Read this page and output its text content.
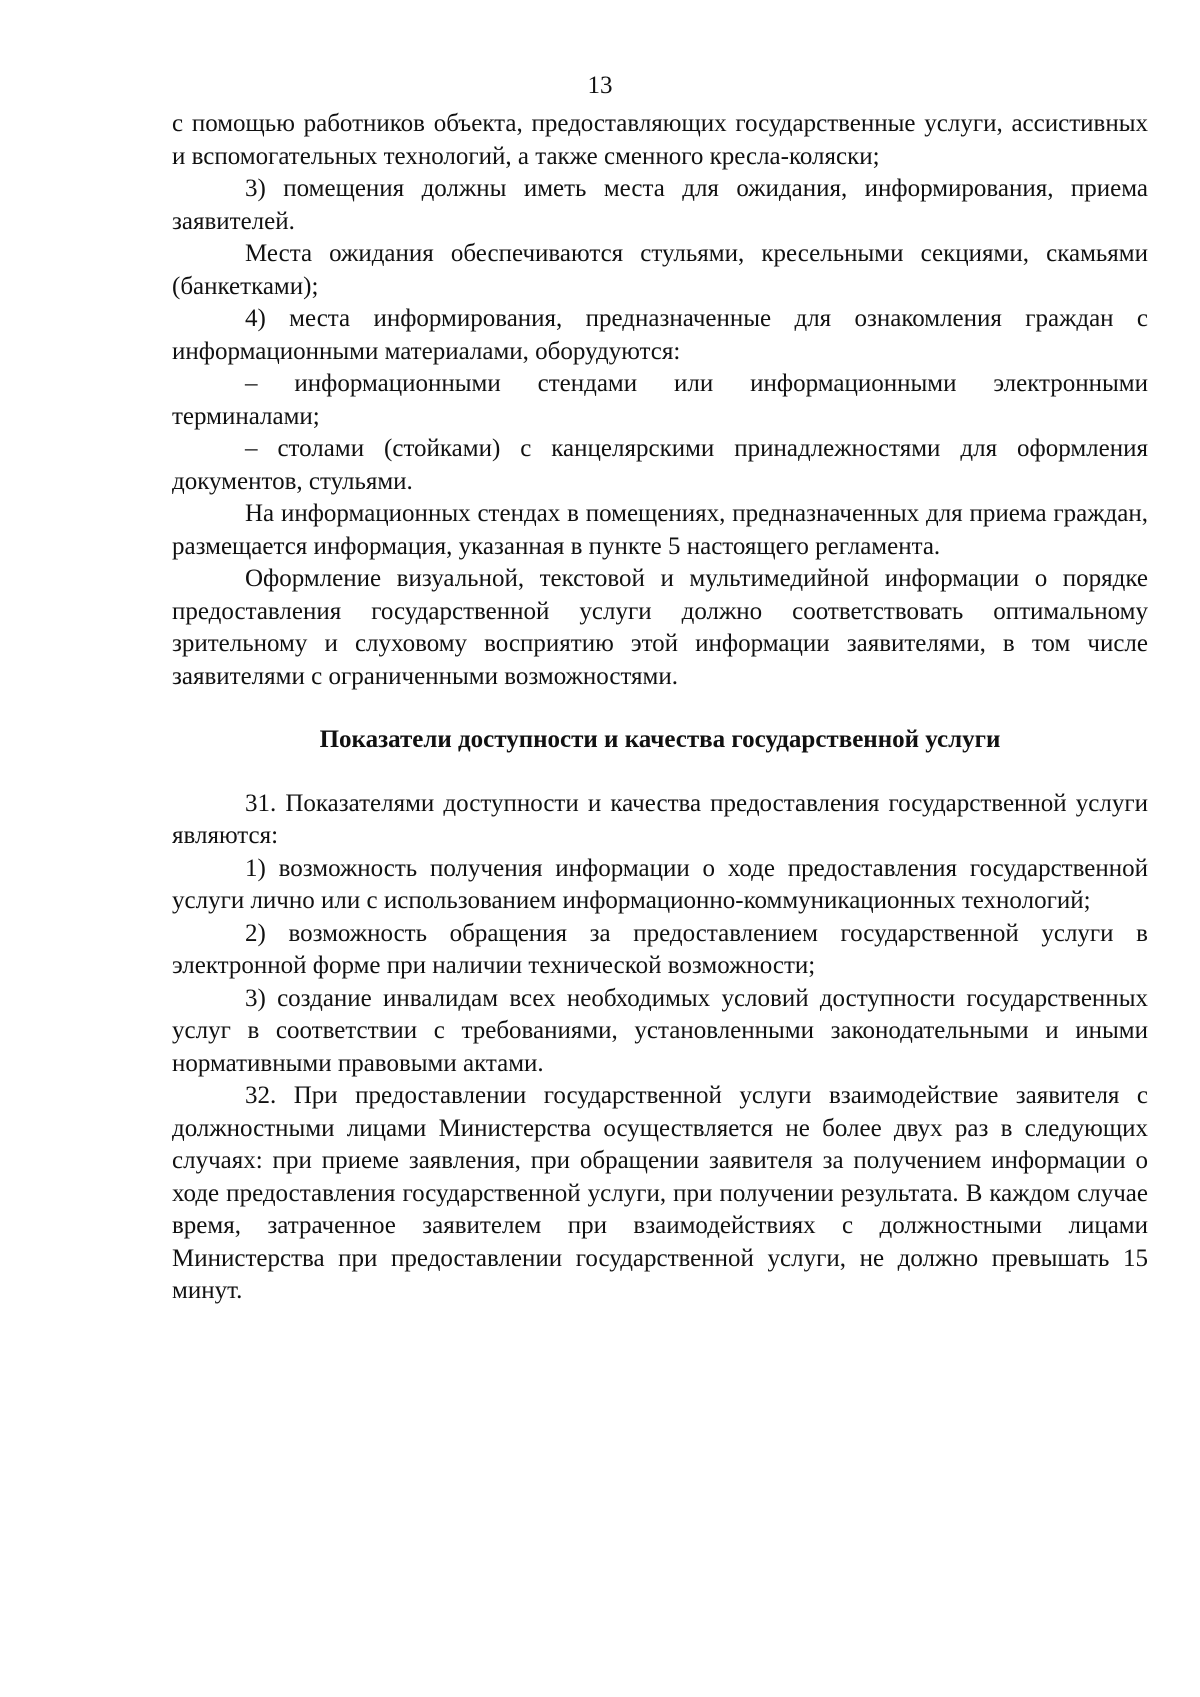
13

с помощью работников объекта, предоставляющих государственные услуги, ассистивных и вспомогательных технологий, а также сменного кресла-коляски;

3) помещения должны иметь места для ожидания, информирования, приема заявителей.

Места ожидания обеспечиваются стульями, кресельными секциями, скамьями (банкетками);

4) места информирования, предназначенные для ознакомления граждан с информационными материалами, оборудуются:

– информационными стендами или информационными электронными терминалами;

– столами (стойками) с канцелярскими принадлежностями для оформления документов, стульями.

На информационных стендах в помещениях, предназначенных для приема граждан, размещается информация, указанная в пункте 5 настоящего регламента.

Оформление визуальной, текстовой и мультимедийной информации о порядке предоставления государственной услуги должно соответствовать оптимальному зрительному и слуховому восприятию этой информации заявителями, в том числе заявителями с ограниченными возможностями.

Показатели доступности и качества государственной услуги

31. Показателями доступности и качества предоставления государственной услуги являются:

1) возможность получения информации о ходе предоставления государственной услуги лично или с использованием информационно-коммуникационных технологий;

2) возможность обращения за предоставлением государственной услуги в электронной форме при наличии технической возможности;

3) создание инвалидам всех необходимых условий доступности государственных услуг в соответствии с требованиями, установленными законодательными и иными нормативными правовыми актами.

32. При предоставлении государственной услуги взаимодействие заявителя с должностными лицами Министерства осуществляется не более двух раз в следующих случаях: при приеме заявления, при обращении заявителя за получением информации о ходе предоставления государственной услуги, при получении результата. В каждом случае время, затраченное заявителем при взаимодействиях с должностными лицами Министерства при предоставлении государственной услуги, не должно превышать 15 минут.
